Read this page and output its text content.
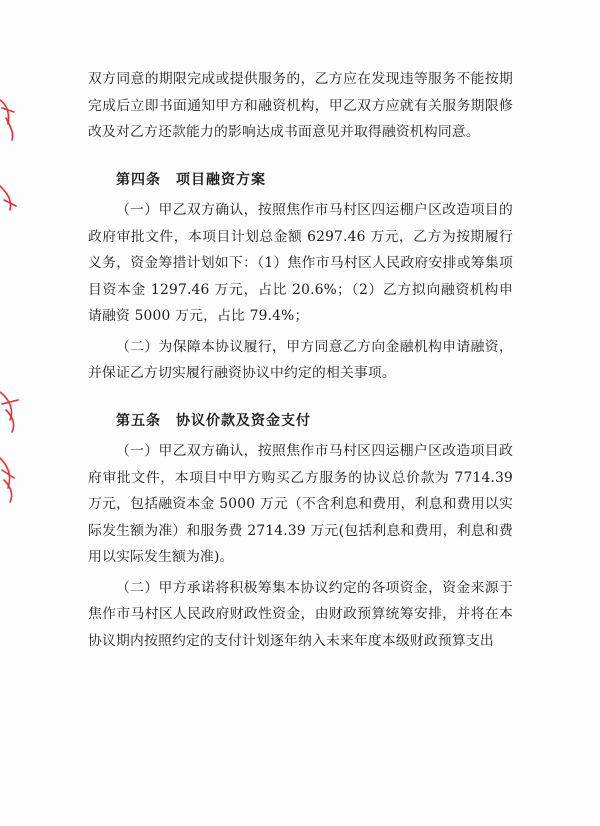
双方同意的期限完成或提供服务的，乙方应在发现违等服务不能按期完成后立即书面通知甲方和融资机构，甲乙双方应就有关服务期限修改及对乙方还款能力的影响达成书面意见并取得融资机构同意。

第四条　项目融资方案

（一）甲乙双方确认，按照焦作市马村区四运棚户区改造项目的政府审批文件，本项目计划总金额 6297.46 万元，乙方为按期履行义务，资金筹措计划如下：（1）焦作市马村区人民政府安排或筹集项目资本金 1297.46 万元，占比 20.6%；（2）乙方拟向融资机构申请融资 5000 万元，占比 79.4%；

（二）为保障本协议履行，甲方同意乙方向金融机构申请融资，并保证乙方切实履行融资协议中约定的相关事项。

第五条　协议价款及资金支付

（一）甲乙双方确认，按照焦作市马村区四运棚户区改造项目政府审批文件，本项目中甲方购买乙方服务的协议总价款为 7714.39 万元，包括融资本金 5000 万元（不含利息和费用，利息和费用以实际发生额为准）和服务费 2714.39 万元(包括利息和费用，利息和费用以实际发生额为准)。

（二）甲方承诺将积极筹集本协议约定的各项资金，资金来源于焦作市马村区人民政府财政性资金，由财政预算统筹安排，并将在本协议期内按照约定的支付计划逐年纳入未来年度本级财政预算支出
